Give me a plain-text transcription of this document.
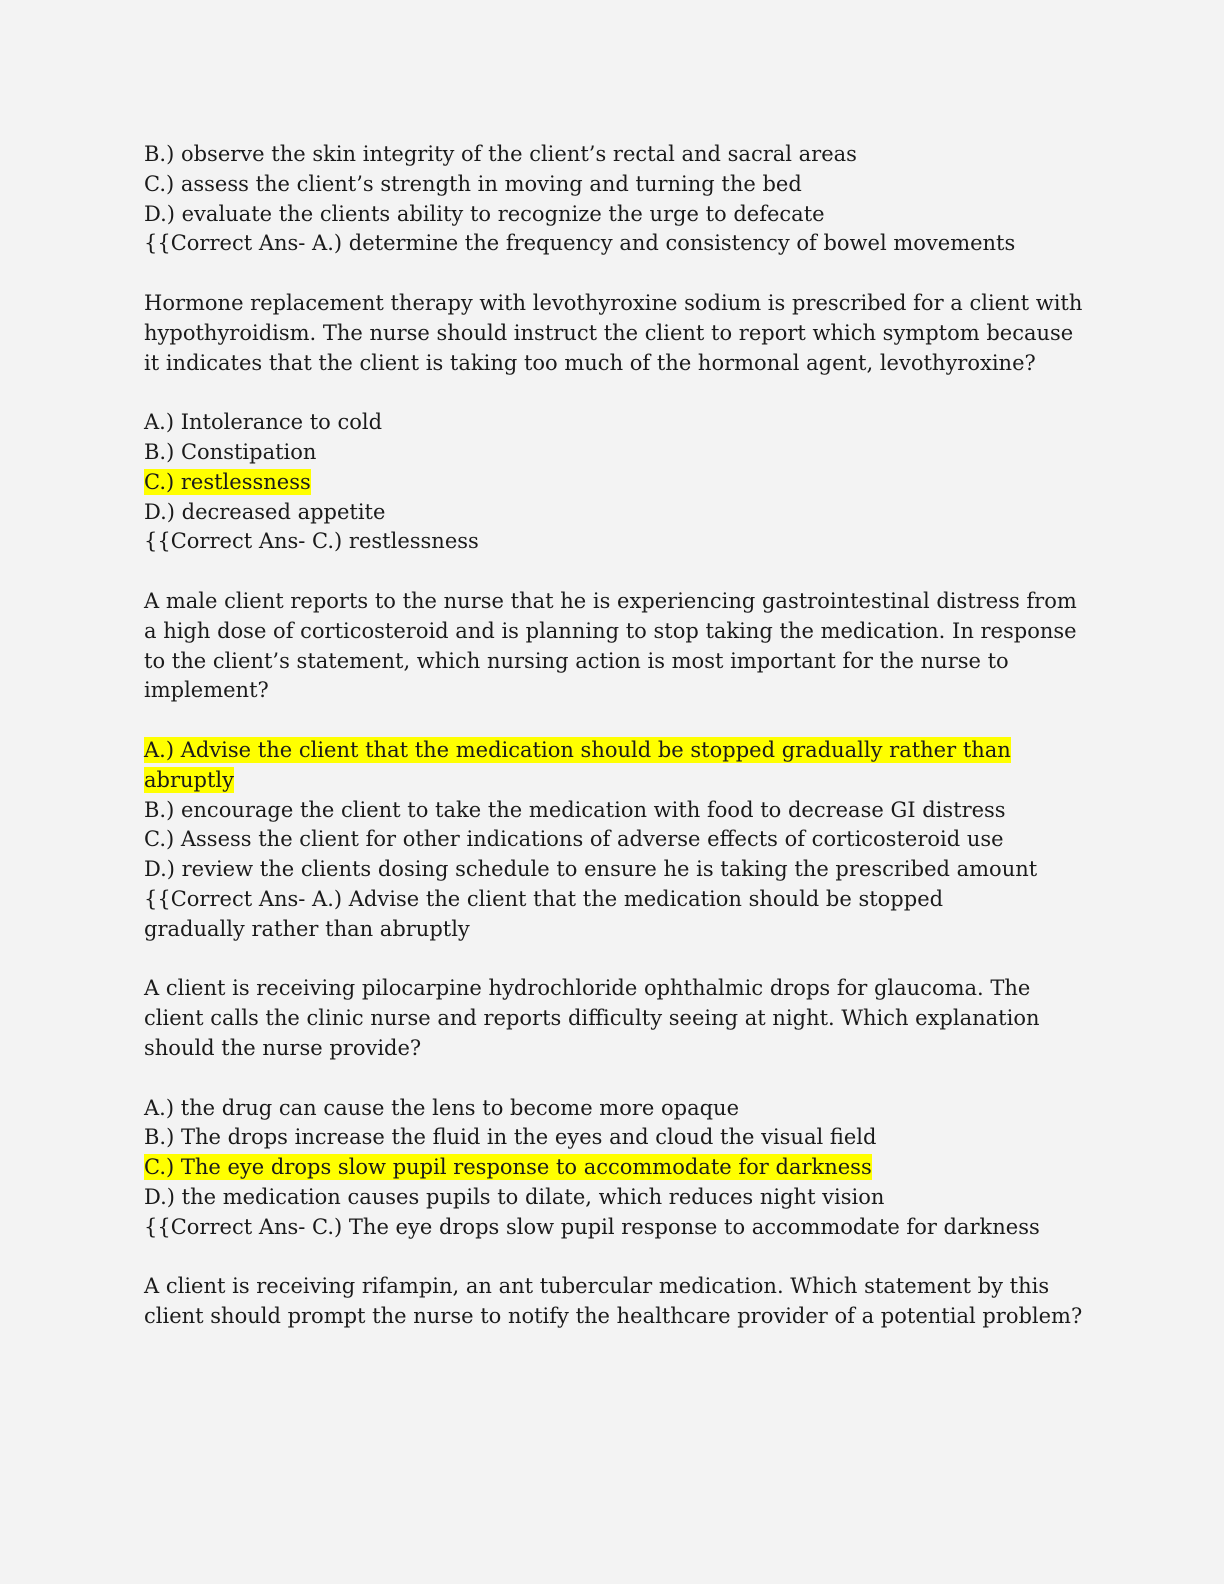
B.) observe the skin integrity of the client’s rectal and sacral areas
C.) assess the client’s strength in moving and turning the bed
D.) evaluate the clients ability to recognize the urge to defecate
{{Correct Ans- A.) determine the frequency and consistency of bowel movements
Hormone replacement therapy with levothyroxine sodium is prescribed for a client with hypothyroidism. The nurse should instruct the client to report which symptom because it indicates that the client is taking too much of the hormonal agent, levothyroxine?
A.) Intolerance to cold
B.) Constipation
C.) restlessness
D.) decreased appetite
{{Correct Ans- C.) restlessness
A male client reports to the nurse that he is experiencing gastrointestinal distress from a high dose of corticosteroid and is planning to stop taking the medication. In response to the client’s statement, which nursing action is most important for the nurse to implement?
A.) Advise the client that the medication should be stopped gradually rather than abruptly
B.) encourage the client to take the medication with food to decrease GI distress
C.) Assess the client for other indications of adverse effects of corticosteroid use
D.) review the clients dosing schedule to ensure he is taking the prescribed amount
{{Correct Ans- A.) Advise the client that the medication should be stopped gradually rather than abruptly
A client is receiving pilocarpine hydrochloride ophthalmic drops for glaucoma. The client calls the clinic nurse and reports difficulty seeing at night. Which explanation should the nurse provide?
A.) the drug can cause the lens to become more opaque
B.) The drops increase the fluid in the eyes and cloud the visual field
C.) The eye drops slow pupil response to accommodate for darkness
D.) the medication causes pupils to dilate, which reduces night vision
{{Correct Ans- C.) The eye drops slow pupil response to accommodate for darkness
A client is receiving rifampin, an ant tubercular medication. Which statement by this client should prompt the nurse to notify the healthcare provider of a potential problem?
